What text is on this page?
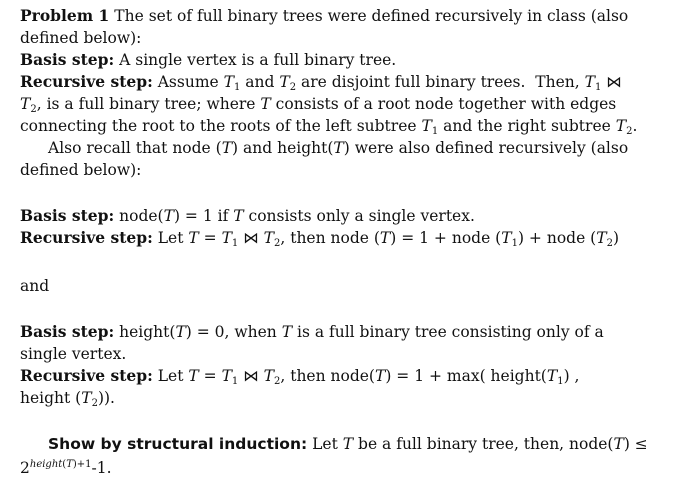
Problem 1 The set of full binary trees were defined recursively in class (also
defined below):
Basis step: A single vertex is a full binary tree.
Recursive step: Assume $T_1$ and $T_2$ are disjoint full binary trees.  Then, $T_1$ ⋈
$T_2$, is a full binary tree; where T consists of a root node together with edges
connecting the root to the roots of the left subtree $T_1$ and the right subtree $T_2$.
Also recall that node (T) and height(T) were also defined recursively (also
defined below):
Basis step: node(T) = 1 if T consists only a single vertex.
Recursive step: Let $T = T_1$ ⋈ $T_2$, then node (T) = 1 + node $(T_1)$ + node $(T_2)$
and
Basis step: height(T) = 0, when T is a full binary tree consisting only of a
single vertex.
Recursive step: Let $T = T_1$ ⋈ $T_2$, then node(T) = 1 + max( $height(T_1)$ ,
height $(T_2)$).
Show by structural induction: Let T be a full binary tree, then, node(T) ≤
$2^{height(T)+1}-1$.
